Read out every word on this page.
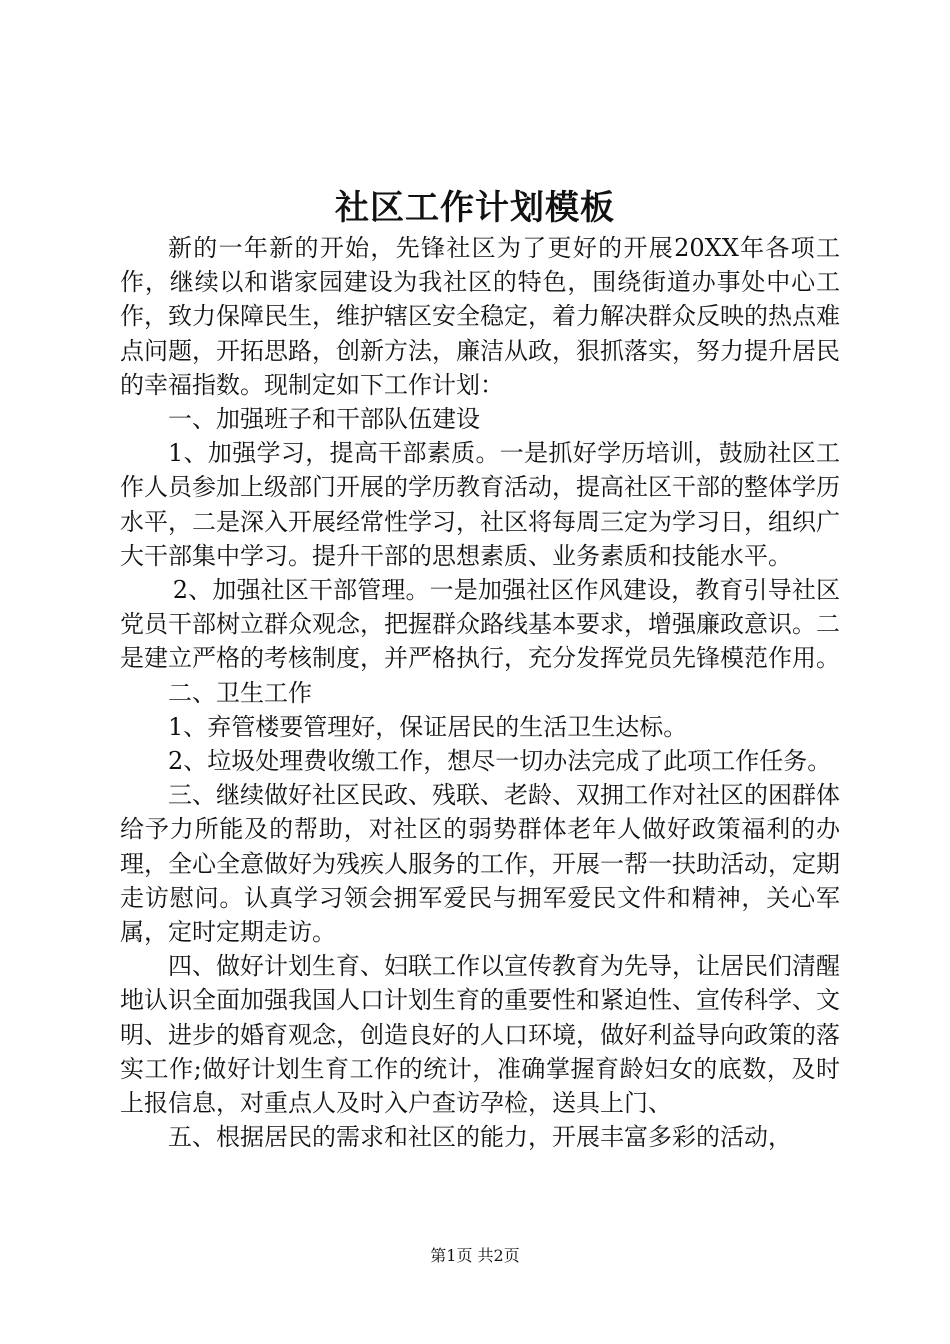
社区工作计划模板

新的一年新的开始，先锋社区为了更好的开展20XX年各项工作，继续以和谐家园建设为我社区的特色，围绕街道办事处中心工作，致力保障民生，维护辖区安全稳定，着力解决群众反映的热点难点问题，开拓思路，创新方法，廉洁从政，狠抓落实，努力提升居民的幸福指数。现制定如下工作计划：

一、加强班子和干部队伍建设

1、加强学习，提高干部素质。一是抓好学历培训，鼓励社区工作人员参加上级部门开展的学历教育活动，提高社区干部的整体学历水平，二是深入开展经常性学习，社区将每周三定为学习日，组织广大干部集中学习。提升干部的思想素质、业务素质和技能水平。

2、加强社区干部管理。一是加强社区作风建设，教育引导社区党员干部树立群众观念，把握群众路线基本要求，增强廉政意识。二是建立严格的考核制度，并严格执行，充分发挥党员先锋模范作用。

二、卫生工作

1、弃管楼要管理好，保证居民的生活卫生达标。

2、垃圾处理费收缴工作，想尽一切办法完成了此项工作任务。

三、继续做好社区民政、残联、老龄、双拥工作对社区的困群体给予力所能及的帮助，对社区的弱势群体老年人做好政策福利的办理，全心全意做好为残疾人服务的工作，开展一帮一扶助活动，定期走访慰问。认真学习领会拥军爱民与拥军爱民文件和精神，关心军属，定时定期走访。

四、做好计划生育、妇联工作以宣传教育为先导，让居民们清醒地认识全面加强我国人口计划生育的重要性和紧迫性、宣传科学、文明、进步的婚育观念，创造良好的人口环境，做好利益导向政策的落实工作;做好计划生育工作的统计，准确掌握育龄妇女的底数，及时上报信息，对重点人及时入户查访孕检，送具上门、

五、根据居民的需求和社区的能力，开展丰富多彩的活动，

第1页 共2页
